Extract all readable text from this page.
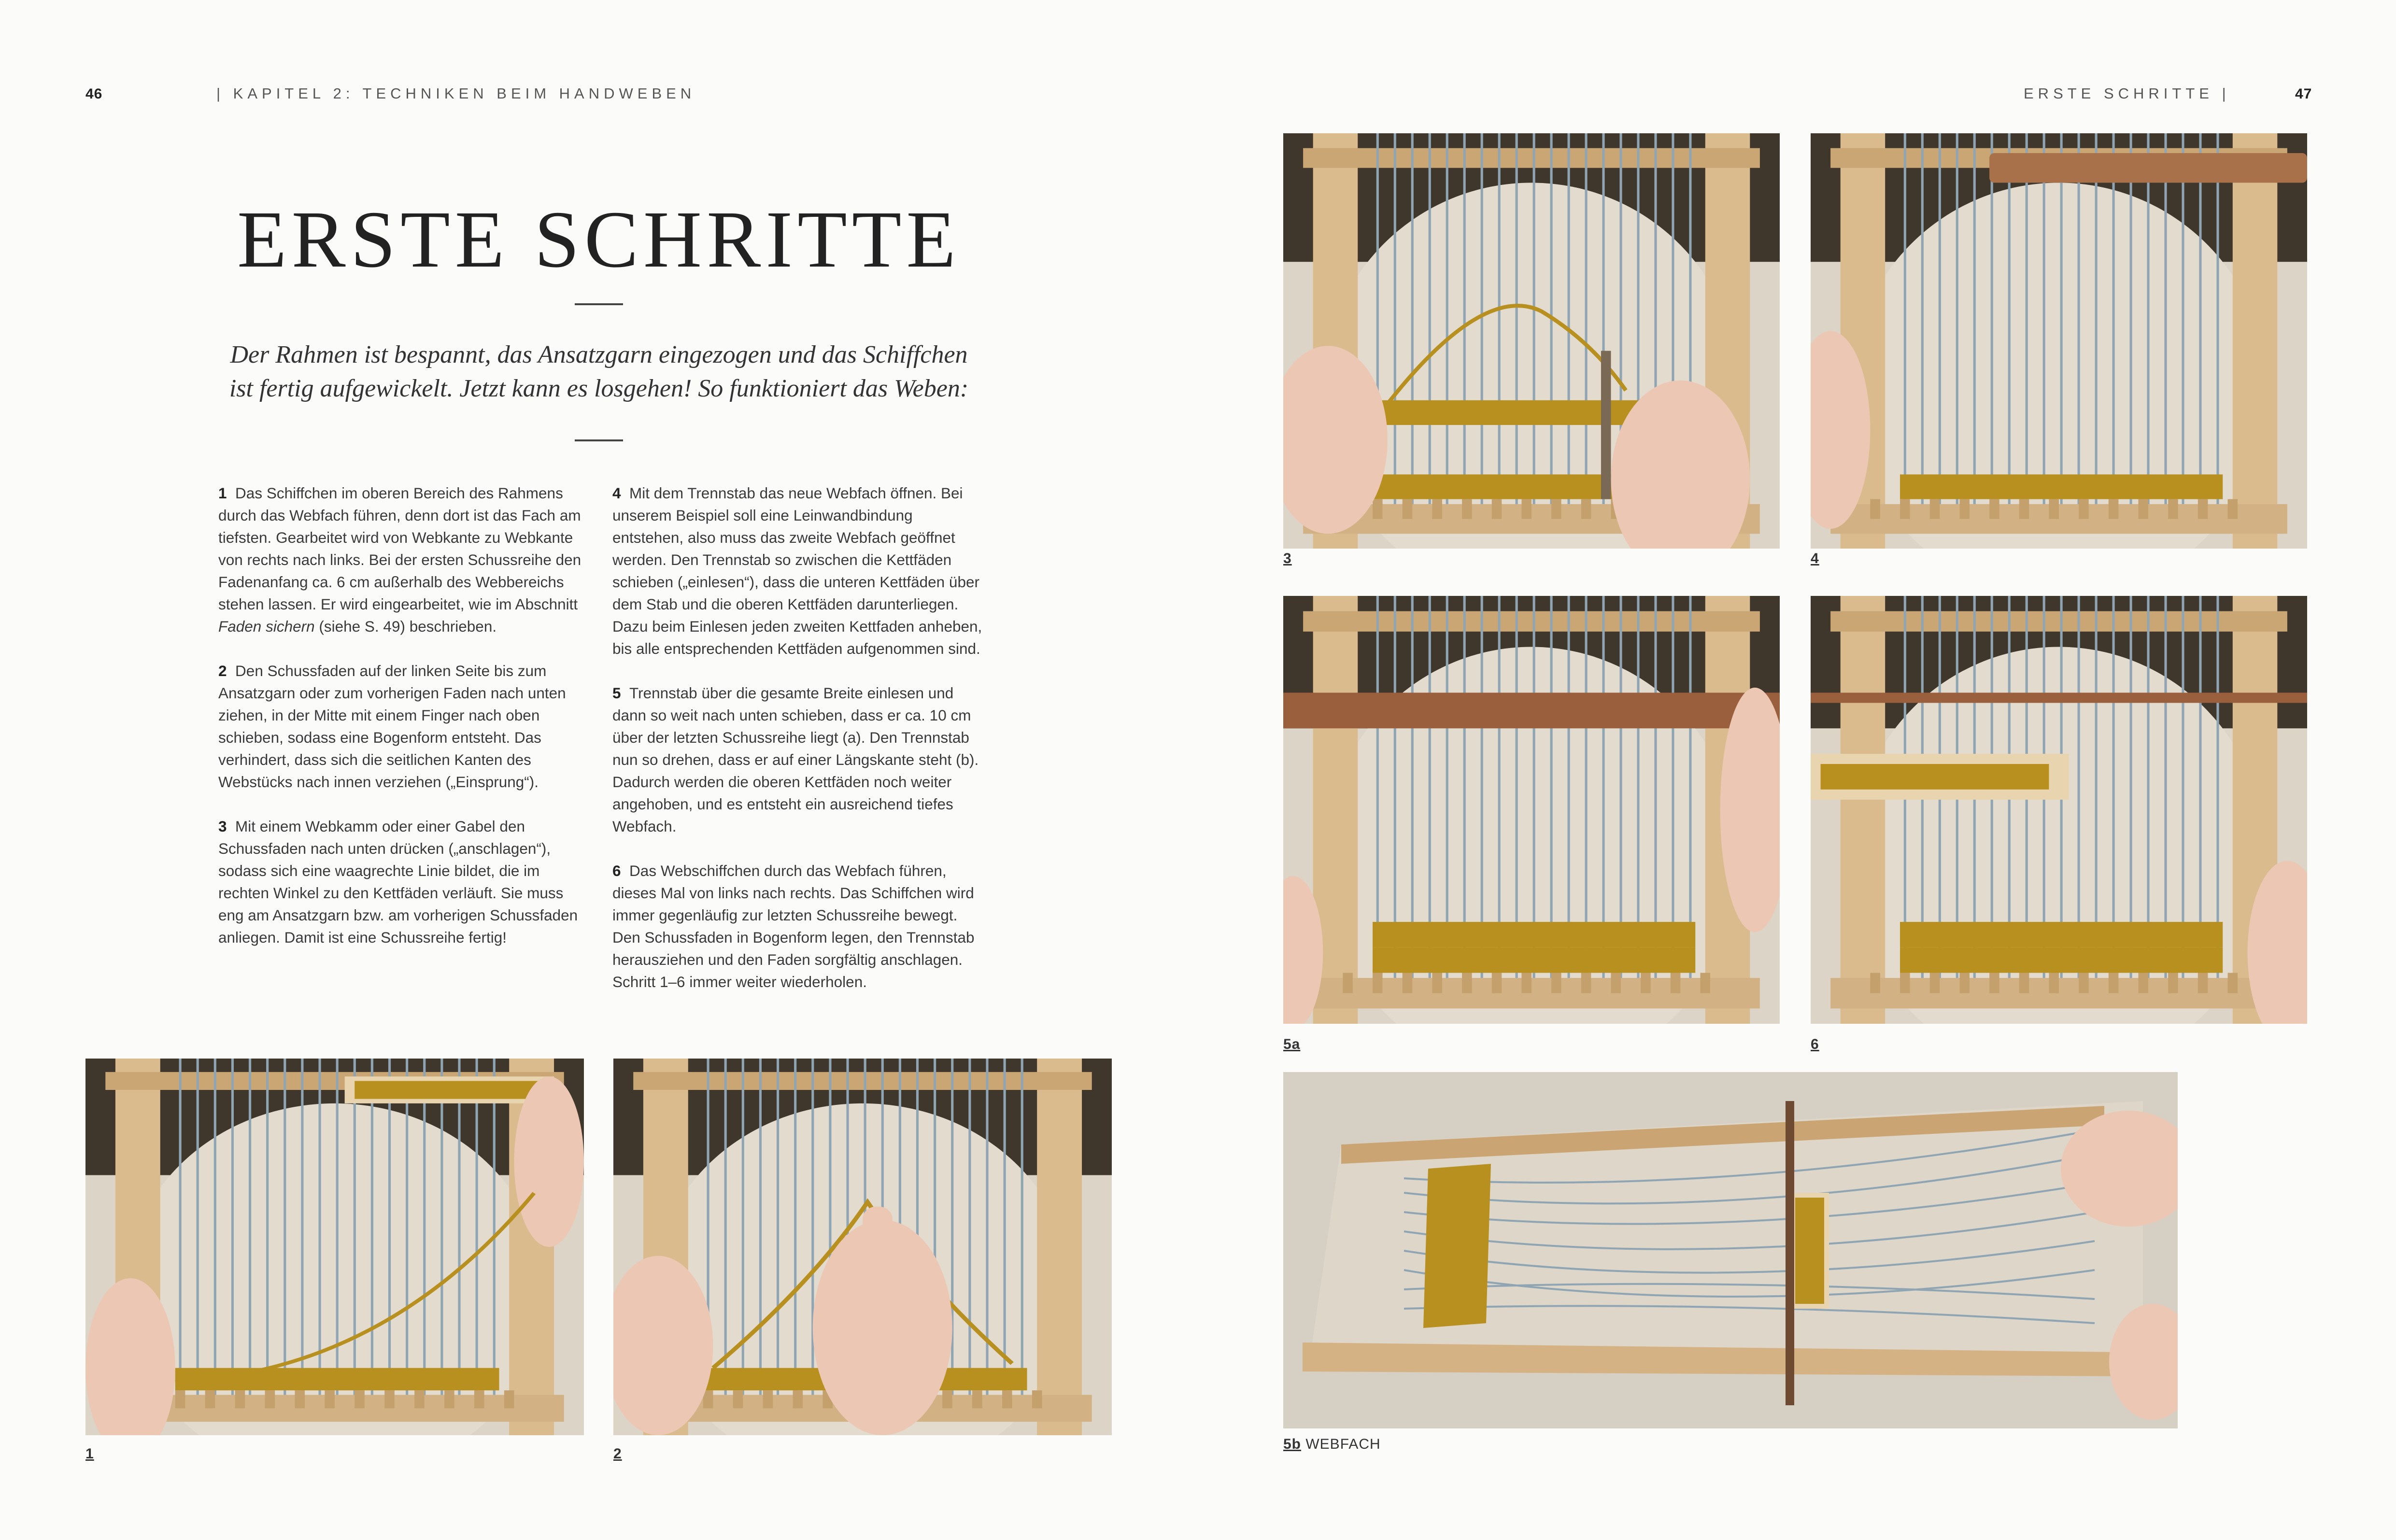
46	| KAPITEL 2: TECHNIKEN BEIM HANDWEBEN	ERSTE SCHRITTE |	47
ERSTE SCHRITTE
Der Rahmen ist bespannt, das Ansatzgarn eingezogen und das Schiffchen
ist fertig aufgewickelt. Jetzt kann es losgehen! So funktioniert das Weben:

1 Das Schiffchen im oberen Bereich des Rahmens durch das Webfach führen, denn dort ist das Fach am tiefsten. Gearbeitet wird von Webkante zu Webkante von rechts nach links. Bei der ersten Schussreihe den Fadenanfang ca. 6 cm außerhalb des Webbereichs stehen lassen. Er wird eingearbeitet, wie im Abschnitt Faden sichern (siehe S. 49) beschrieben.

2 Den Schussfaden auf der linken Seite bis zum Ansatzgarn oder zum vorherigen Faden nach unten ziehen, in der Mitte mit einem Finger nach oben schieben, sodass eine Bogenform entsteht. Das verhindert, dass sich die seitlichen Kanten des Webstücks nach innen verziehen („Einsprung“).

3 Mit einem Webkamm oder einer Gabel den Schussfaden nach unten drücken („anschlagen“), sodass sich eine waagrechte Linie bildet, die im rechten Winkel zu den Kettfäden verläuft. Sie muss eng am Ansatzgarn bzw. am vorherigen Schussfaden anliegen. Damit ist eine Schussreihe fertig!

4 Mit dem Trennstab das neue Webfach öffnen. Bei unserem Beispiel soll eine Leinwandbindung entstehen, also muss das zweite Webfach geöffnet werden. Den Trennstab so zwischen die Kettfäden schieben („einlesen“), dass die unteren Kettfäden über dem Stab und die oberen Kettfäden darunterliegen. Dazu beim Einlesen jeden zweiten Kettfaden anheben, bis alle entsprechenden Kettfäden aufgenommen sind.

5 Trennstab über die gesamte Breite einlesen und dann so weit nach unten schieben, dass er ca. 10 cm über der letzten Schussreihe liegt (a). Den Trennstab nun so drehen, dass er auf einer Längskante steht (b). Dadurch werden die oberen Kettfäden noch weiter angehoben, und es entsteht ein ausreichend tiefes Webfach.

6 Das Webschiffchen durch das Webfach führen, dieses Mal von links nach rechts. Das Schiffchen wird immer gegenläufig zur letzten Schussreihe bewegt. Den Schussfaden in Bogenform legen, den Trennstab herausziehen und den Faden sorgfältig anschlagen. Schritt 1–6 immer weiter wiederholen.

1	2
3	4
5a	6
5b WEBFACH
